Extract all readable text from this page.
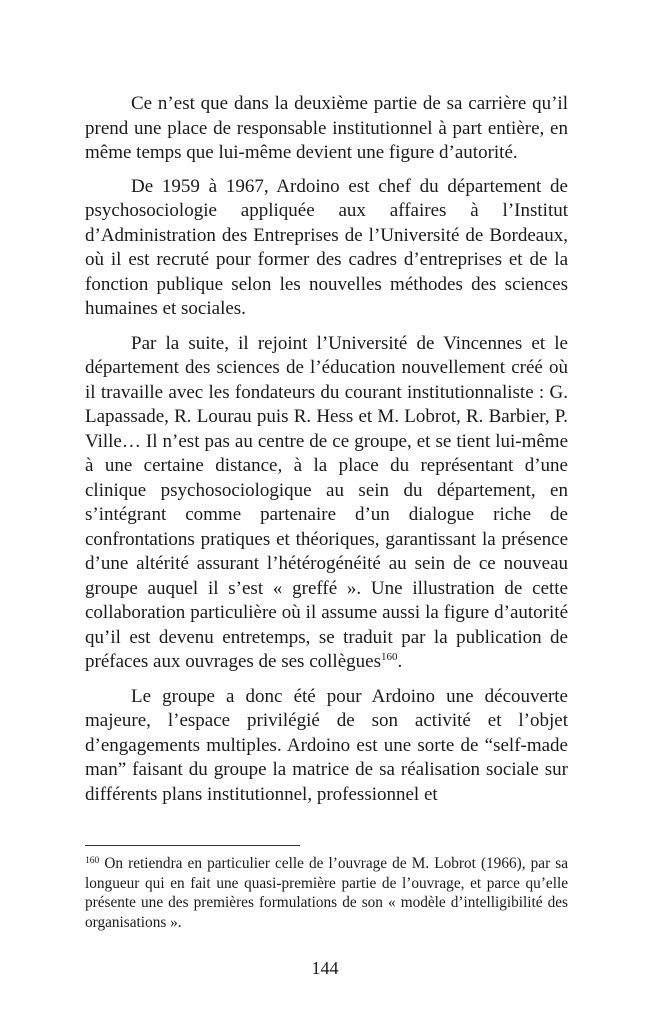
Ce n’est que dans la deuxième partie de sa carrière qu’il prend une place de responsable institutionnel à part entière, en même temps que lui-même devient une figure d’autorité.

De 1959 à 1967, Ardoino est chef du département de psychosociologie appliquée aux affaires à l’Institut d’Administration des Entreprises de l’Université de Bordeaux, où il est recruté pour former des cadres d’entreprises et de la fonction publique selon les nouvelles méthodes des sciences humaines et sociales.

Par la suite, il rejoint l’Université de Vincennes et le département des sciences de l’éducation nouvellement créé où il travaille avec les fondateurs du courant institutionnaliste : G. Lapassade, R. Lourau puis R. Hess et M. Lobrot, R. Barbier, P. Ville… Il n’est pas au centre de ce groupe, et se tient lui-même à une certaine distance, à la place du représentant d’une clinique psychosociologique au sein du département, en s’intégrant comme partenaire d’un dialogue riche de confrontations pratiques et théoriques, garantissant la présence d’une altérité assurant l’hétérogénéité au sein de ce nouveau groupe auquel il s’est « greffé ». Une illustration de cette collaboration particulière où il assume aussi la figure d’autorité qu’il est devenu entretemps, se traduit par la publication de préfaces aux ouvrages de ses collègues$^{160}$.

Le groupe a donc été pour Ardoino une découverte majeure, l’espace privilégié de son activité et l’objet d’engagements multiples. Ardoino est une sorte de “self-made man” faisant du groupe la matrice de sa réalisation sociale sur différents plans institutionnel, professionnel et

$^{160}$ On retiendra en particulier celle de l’ouvrage de M. Lobrot (1966), par sa longueur qui en fait une quasi-première partie de l’ouvrage, et parce qu’elle présente une des premières formulations de son « modèle d’intelligibilité des organisations ».

144
